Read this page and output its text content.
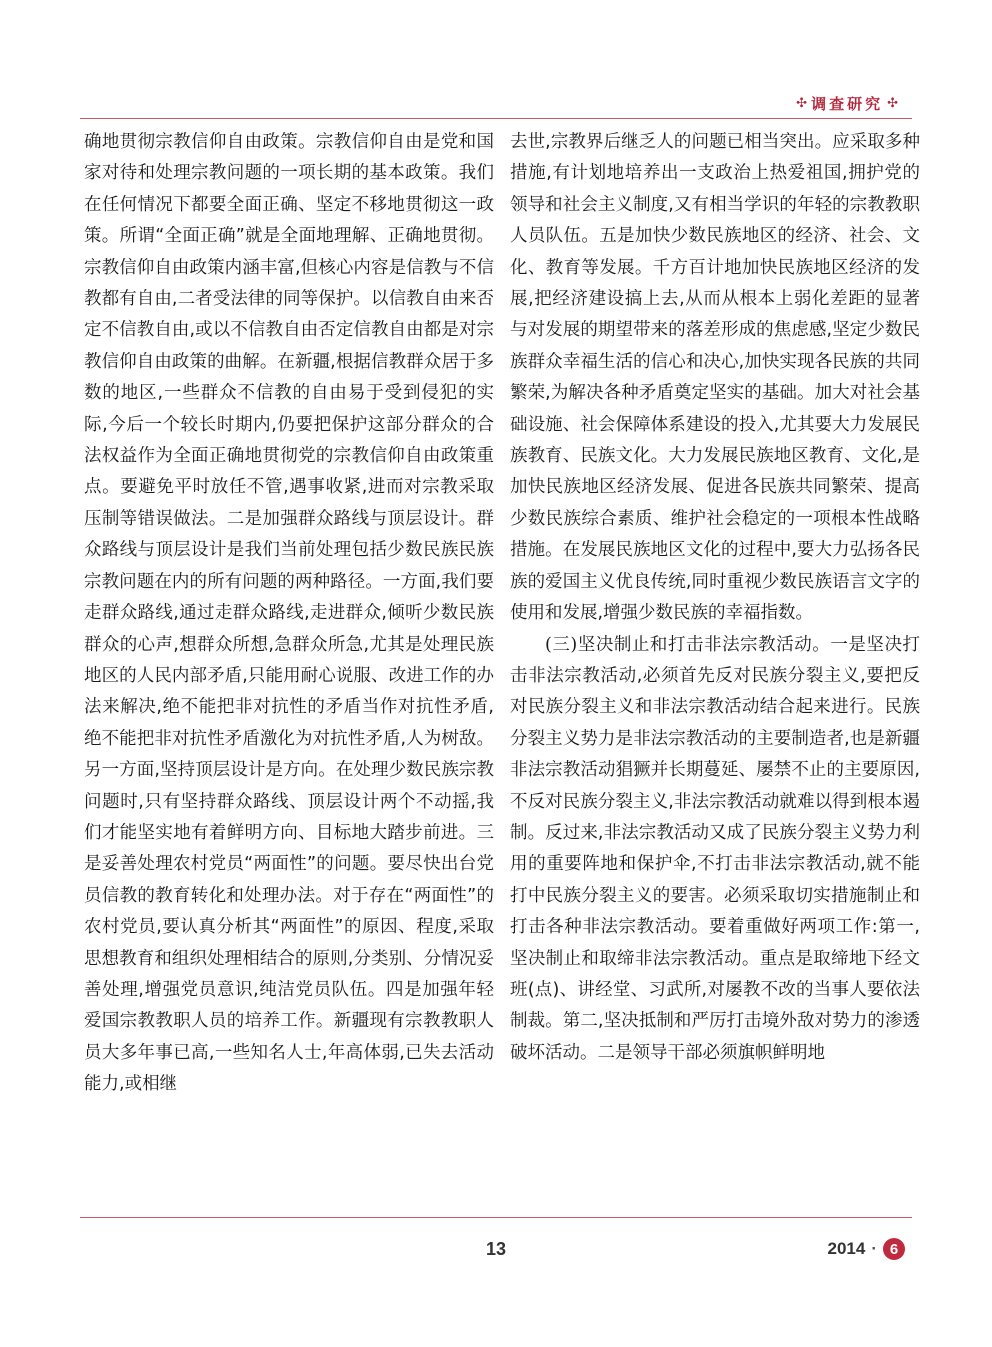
✣ 调查研究 ✣

确地贯彻宗教信仰自由政策。宗教信仰自由是党和国家对待和处理宗教问题的一项长期的基本政策。我们在任何情况下都要全面正确、坚定不移地贯彻这一政策。所谓“全面正确”就是全面地理解、正确地贯彻。宗教信仰自由政策内涵丰富,但核心内容是信教与不信教都有自由,二者受法律的同等保护。以信教自由来否定不信教自由,或以不信教自由否定信教自由都是对宗教信仰自由政策的曲解。在新疆,根据信教群众居于多数的地区,一些群众不信教的自由易于受到侵犯的实际,今后一个较长时期内,仍要把保护这部分群众的合法权益作为全面正确地贯彻党的宗教信仰自由政策重点。要避免平时放任不管,遇事收紧,进而对宗教采取压制等错误做法。二是加强群众路线与顶层设计。群众路线与顶层设计是我们当前处理包括少数民族民族宗教问题在内的所有问题的两种路径。一方面,我们要走群众路线,通过走群众路线,走进群众,倾听少数民族群众的心声,想群众所想,急群众所急,尤其是处理民族地区的人民内部矛盾,只能用耐心说服、改进工作的办法来解决,绝不能把非对抗性的矛盾当作对抗性矛盾,绝不能把非对抗性矛盾激化为对抗性矛盾,人为树敌。另一方面,坚持顶层设计是方向。在处理少数民族宗教问题时,只有坚持群众路线、顶层设计两个不动摇,我们才能坚实地有着鲜明方向、目标地大踏步前进。三是妥善处理农村党员“两面性”的问题。要尽快出台党员信教的教育转化和处理办法。对于存在“两面性”的农村党员,要认真分析其“两面性”的原因、程度,采取思想教育和组织处理相结合的原则,分类别、分情况妥善处理,增强党员意识,纯洁党员队伍。四是加强年轻爱国宗教教职人员的培养工作。新疆现有宗教教职人员大多年事已高,一些知名人士,年高体弱,已失去活动能力,或相继

去世,宗教界后继乏人的问题已相当突出。应采取多种措施,有计划地培养出一支政治上热爱祖国,拥护党的领导和社会主义制度,又有相当学识的年轻的宗教教职人员队伍。五是加快少数民族地区的经济、社会、文化、教育等发展。千方百计地加快民族地区经济的发展,把经济建设搞上去,从而从根本上弱化差距的显著与对发展的期望带来的落差形成的焦虑感,坚定少数民族群众幸福生活的信心和决心,加快实现各民族的共同繁荣,为解决各种矛盾奠定坚实的基础。加大对社会基础设施、社会保障体系建设的投入,尤其要大力发展民族教育、民族文化。大力发展民族地区教育、文化,是加快民族地区经济发展、促进各民族共同繁荣、提高少数民族综合素质、维护社会稳定的一项根本性战略措施。在发展民族地区文化的过程中,要大力弘扬各民族的爱国主义优良传统,同时重视少数民族语言文字的使用和发展,增强少数民族的幸福指数。

(三)坚决制止和打击非法宗教活动。一是坚决打击非法宗教活动,必须首先反对民族分裂主义,要把反对民族分裂主义和非法宗教活动结合起来进行。民族分裂主义势力是非法宗教活动的主要制造者,也是新疆非法宗教活动猖獗并长期蔓延、屡禁不止的主要原因,不反对民族分裂主义,非法宗教活动就难以得到根本遏制。反过来,非法宗教活动又成了民族分裂主义势力利用的重要阵地和保护伞,不打击非法宗教活动,就不能打中民族分裂主义的要害。必须采取切实措施制止和打击各种非法宗教活动。要着重做好两项工作:第一,坚决制止和取缔非法宗教活动。重点是取缔地下经文班(点)、讲经堂、习武所,对屡教不改的当事人要依法制裁。第二,坚决抵制和严厉打击境外敌对势力的渗透破坏活动。二是领导干部必须旗帜鲜明地

13	2014 · 6
